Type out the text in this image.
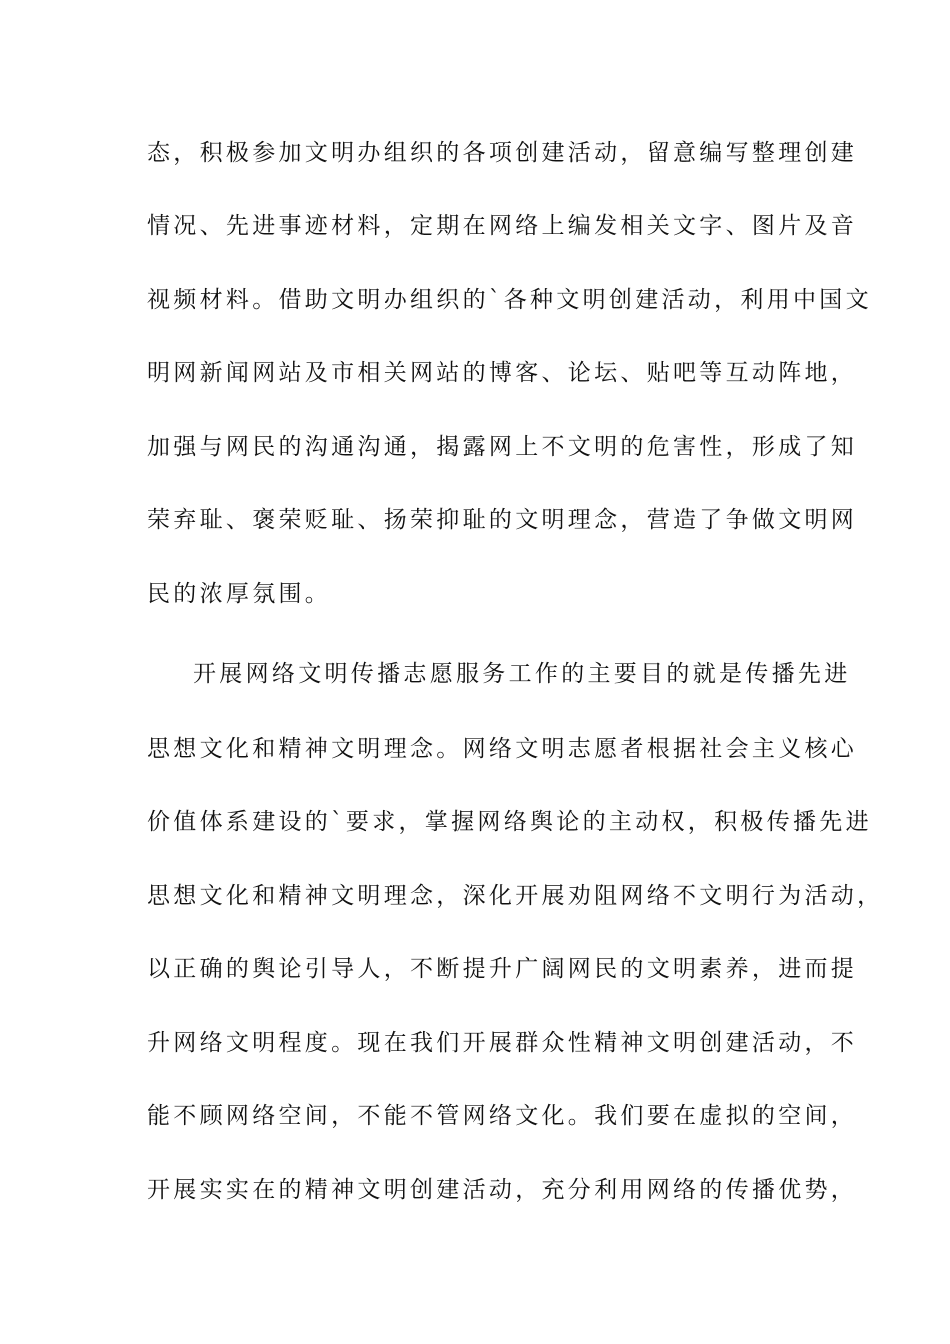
态，积极参加文明办组织的各项创建活动，留意编写整理创建
情况、先进事迹材料，定期在网络上编发相关文字、图片及音
视频材料。借助文明办组织的`各种文明创建活动，利用中国文
明网新闻网站及市相关网站的博客、论坛、贴吧等互动阵地，
加强与网民的沟通沟通，揭露网上不文明的危害性，形成了知
荣弃耻、褒荣贬耻、扬荣抑耻的文明理念，营造了争做文明网
民的浓厚氛围。
开展网络文明传播志愿服务工作的主要目的就是传播先进
思想文化和精神文明理念。网络文明志愿者根据社会主义核心
价值体系建设的`要求，掌握网络舆论的主动权，积极传播先进
思想文化和精神文明理念，深化开展劝阻网络不文明行为活动，
以正确的舆论引导人，不断提升广阔网民的文明素养，进而提
升网络文明程度。现在我们开展群众性精神文明创建活动，不
能不顾网络空间，不能不管网络文化。我们要在虚拟的空间，
开展实实在的精神文明创建活动，充分利用网络的传播优势，
